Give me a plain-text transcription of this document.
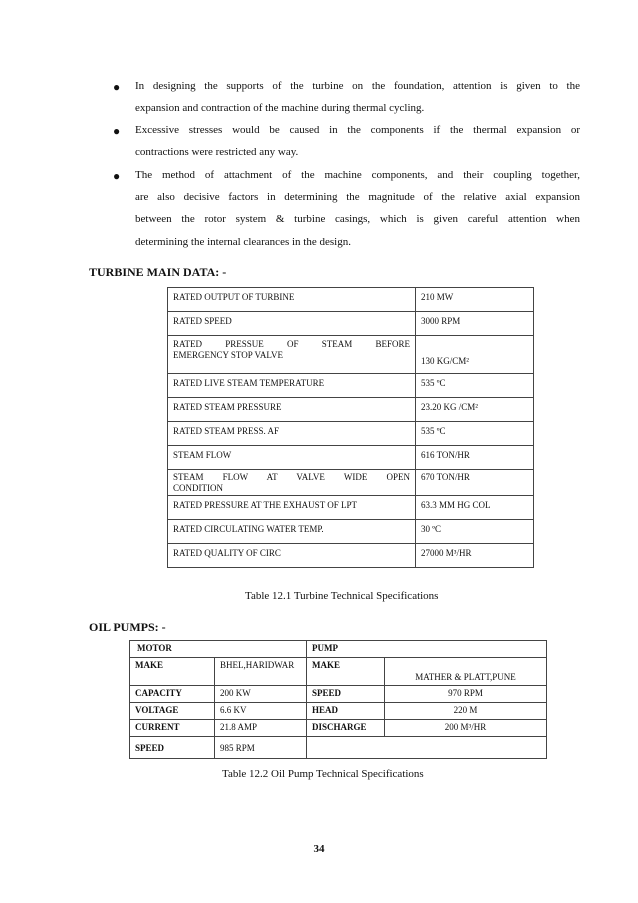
● In designing the supports of the turbine on the foundation, attention is given to the
expansion and contraction of the machine during thermal cycling.
● Excessive stresses would be caused in the components if the thermal expansion or
contractions were restricted any way.
● The method of attachment of the machine components, and their coupling together,
are also decisive factors in determining the magnitude of the relative axial expansion
between the rotor system & turbine casings, which is given careful attention when
determining the internal clearances in the design.
TURBINE MAIN DATA: -
RATED OUTPUT OF TURBINE	210 MW
RATED SPEED	3000 RPM

RATED PRESSUE OF STEAM BEFORE
EMERGENCY STOP VALVE	130 KG/CM²
RATED LIVE STEAM TEMPERATURE	535 ºC
RATED STEAM PRESSURE	23.20 KG /CM²
RATED STEAM PRESS. AF	535 ºC
STEAM FLOW	616 TON/HR

STEAM FLOW AT VALVE WIDE OPEN
CONDITION	670 TON/HR
RATED PRESSURE AT THE EXHAUST OF LPT	63.3 MM HG COL
RATED CIRCULATING WATER TEMP.	30 ºC
RATED QUALITY OF CIRC	27000 M³/HR
Table 12.1 Turbine Technical Specifications
OIL PUMPS: -
MOTOR		PUMP	
MAKE	BHEL,HARIDWAR	MAKE	MATHER & PLATT,PUNE
CAPACITY	200 KW	SPEED	970 RPM
VOLTAGE	6.6 KV	HEAD	220 M
CURRENT	21.8 AMP	DISCHARGE	200 M³/HR
SPEED	985 RPM		
Table 12.2 Oil Pump Technical Specifications
34
